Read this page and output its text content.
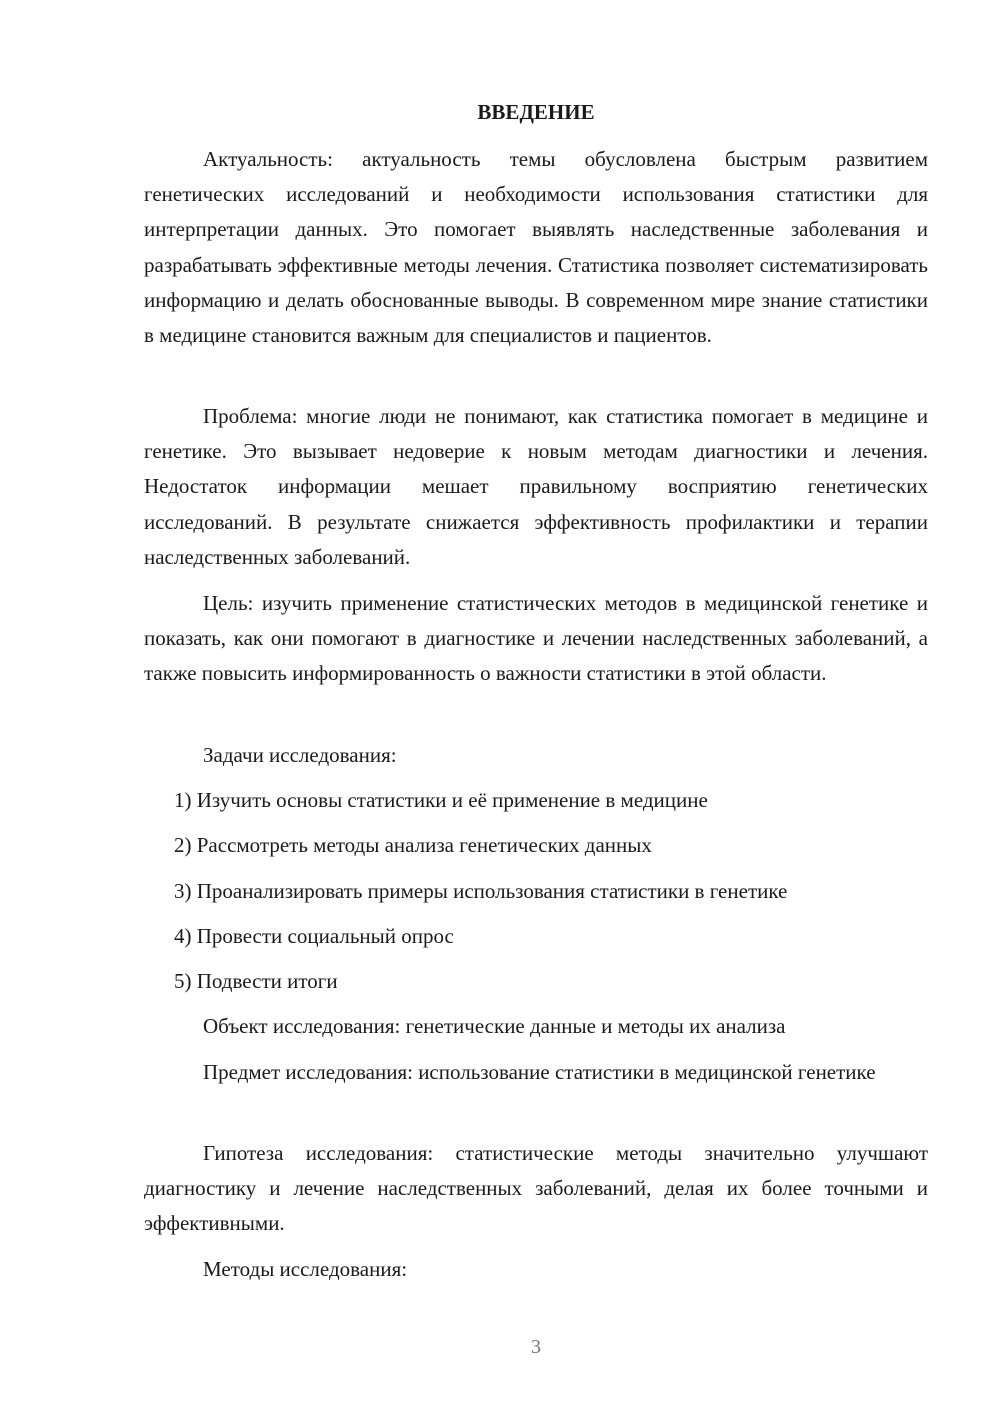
ВВЕДЕНИЕ

Актуальность: актуальность темы обусловлена быстрым развитием генетических исследований и необходимости использования статистики для интерпретации данных. Это помогает выявлять наследственные заболевания и разрабатывать эффективные методы лечения. Статистика позволяет систематизировать информацию и делать обоснованные выводы. В современном мире знание статистики в медицине становится важным для специалистов и пациентов.

Проблема: многие люди не понимают, как статистика помогает в медицине и генетике. Это вызывает недоверие к новым методам диагностики и лечения. Недостаток информации мешает правильному восприятию генетических исследований. В результате снижается эффективность профилактики и терапии наследственных заболеваний.

Цель: изучить применение статистических методов в медицинской генетике и показать, как они помогают в диагностике и лечении наследственных заболеваний, а также повысить информированность о важности статистики в этой области.

Задачи исследования:

1) Изучить основы статистики и её применение в медицине

2) Рассмотреть методы анализа генетических данных

3) Проанализировать примеры использования статистики в генетике

4) Провести социальный опрос

5) Подвести итоги

Объект исследования: генетические данные и методы их анализа

Предмет исследования: использование статистики в медицинской генетике

Гипотеза исследования: статистические методы значительно улучшают диагностику и лечение наследственных заболеваний, делая их более точными и эффективными.

Методы исследования:

3
